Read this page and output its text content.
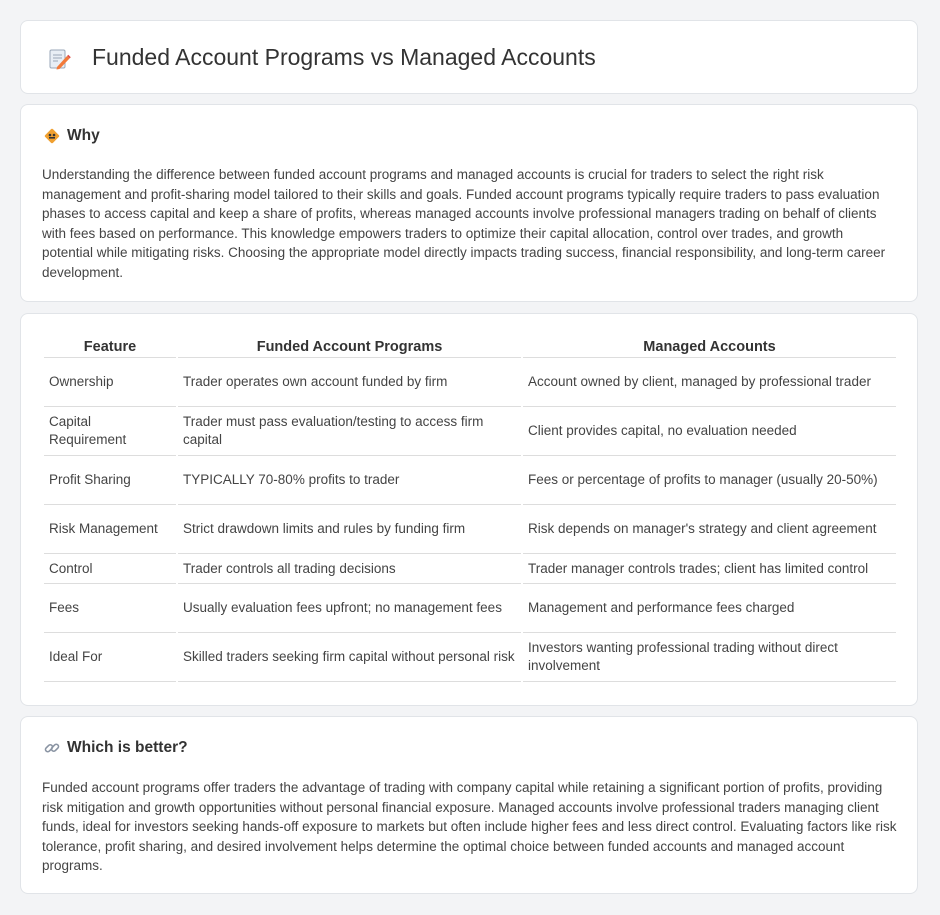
Funded Account Programs vs Managed Accounts
Why

Understanding the difference between funded account programs and managed accounts is crucial for traders to select the right risk management and profit-sharing model tailored to their skills and goals. Funded account programs typically require traders to pass evaluation phases to access capital and keep a share of profits, whereas managed accounts involve professional managers trading on behalf of clients with fees based on performance. This knowledge empowers traders to optimize their capital allocation, control over trades, and growth potential while mitigating risks. Choosing the appropriate model directly impacts trading success, financial responsibility, and long-term career development.

Feature	Funded Account Programs	Managed Accounts
Ownership	Trader operates own account funded by firm	Account owned by client, managed by professional trader
Capital Requirement	Trader must pass evaluation/testing to access firm capital	Client provides capital, no evaluation needed
Profit Sharing	TYPICALLY 70-80% profits to trader	Fees or percentage of profits to manager (usually 20-50%)
Risk Management	Strict drawdown limits and rules by funding firm	Risk depends on manager's strategy and client agreement
Control	Trader controls all trading decisions	Trader manager controls trades; client has limited control
Fees	Usually evaluation fees upfront; no management fees	Management and performance fees charged
Ideal For	Skilled traders seeking firm capital without personal risk	Investors wanting professional trading without direct involvement
Which is better?

Funded account programs offer traders the advantage of trading with company capital while retaining a significant portion of profits, providing risk mitigation and growth opportunities without personal financial exposure. Managed accounts involve professional traders managing client funds, ideal for investors seeking hands-off exposure to markets but often include higher fees and less direct control. Evaluating factors like risk tolerance, profit sharing, and desired involvement helps determine the optimal choice between funded accounts and managed account programs.
